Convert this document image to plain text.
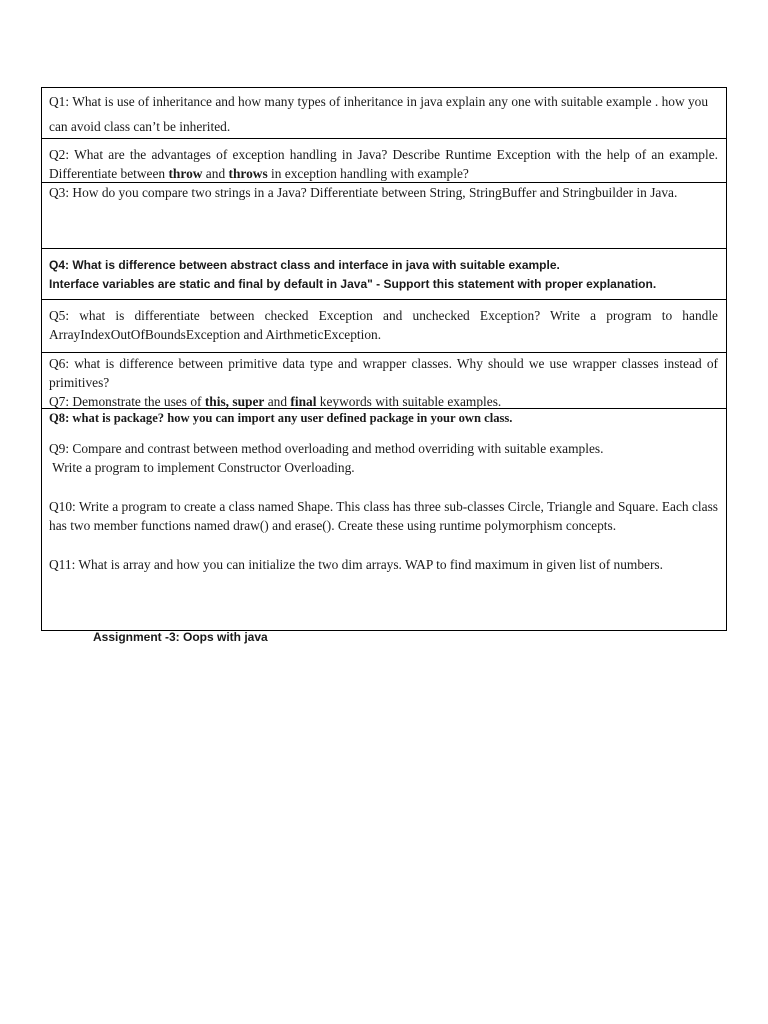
Q1: What is use of inheritance and how many types of inheritance in java explain any one with suitable example . how you can avoid class can’t be inherited.
Q2: What are the advantages of exception handling in Java? Describe Runtime Exception with the help of an example. Differentiate between throw and throws in exception handling with example?
Q3: How do you compare two strings in a Java? Differentiate between String, StringBuffer and Stringbuilder in Java.
Q4: What is difference between abstract class and interface in java with suitable example.
Interface variables are static and final by default in Java" - Support this statement with proper explanation.
Q5: what is differentiate between checked Exception and unchecked Exception? Write a program to handle ArrayIndexOutOfBoundsException and AirthmeticException.
Q6: what is difference between primitive data type and wrapper classes. Why should we use wrapper classes instead of primitives?
Q7: Demonstrate the uses of this, super and final keywords with suitable examples.
Q8: what is package? how you can import any user defined package in your own class.
Q9: Compare and contrast between method overloading and method overriding with suitable examples.
Write a program to implement Constructor Overloading.
Q10: Write a program to create a class named Shape. This class has three sub-classes Circle, Triangle and Square. Each class has two member functions named draw() and erase(). Create these using runtime polymorphism concepts.
Q11: What is array and how you can initialize the two dim arrays. WAP to find maximum in given list of numbers.
Assignment -3: Oops with java
